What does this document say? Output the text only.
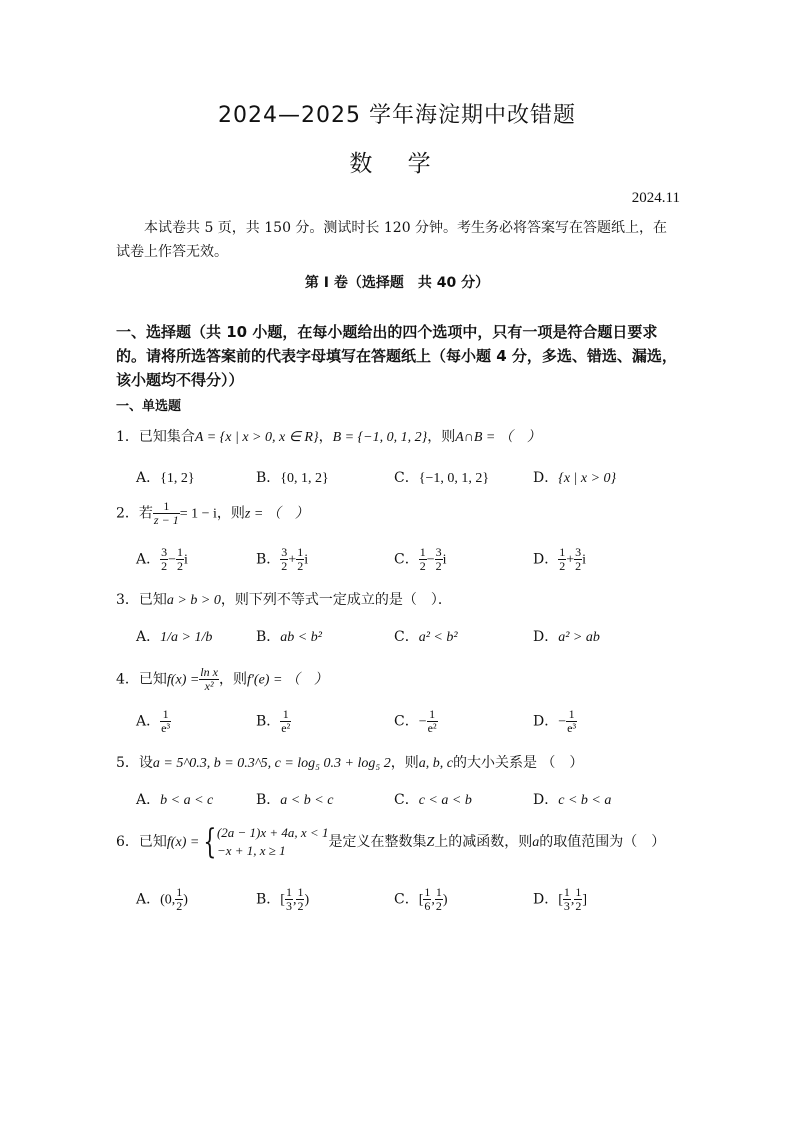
2024—2025 学年海淀期中改错题
数 学
2024.11
本试卷共 5 页，共 150 分。测试时长 120 分钟。考生务必将答案写在答题纸上，在试卷上作答无效。
第 I 卷（选择题　共 40 分）
一、选择题（共 10 小题，在每小题给出的四个选项中，只有一项是符合题日要求的。请将所选答案前的代表字母填写在答题纸上（每小题 4 分，多选、错选、漏选，该小题均不得分））
一、单选题
1．已知集合A = {x | x > 0, x ∈ R}，B = {−1, 0, 1, 2}，则A∩B = （　）
A．{1, 2}	B．{0, 1, 2}	C．{−1, 0, 1, 2}	D．{x | x > 0}
2．若 $\frac{1}{z - 1} = 1 - i$，则z = （　）
A． $\frac{3}{2} - \frac{1}{2}$ i	B． $\frac{3}{2} + \frac{1}{2}$ i	C． $\frac{1}{2} - \frac{3}{2}$ i	D． $\frac{1}{2} + \frac{3}{2}$ i
3．已知a > b > 0，则下列不等式一定成立的是（　）．
A．1/a > 1/b	B．ab < b²	C．a² < b²	D．a² > ab
4．已知$f(x) = \frac{\text{ln x}}{\text{x²}}$ ，则f′(e) = （　）
A． $\frac{1}{\text{e³}}$	B． $\frac{1}{\text{e²}}$	C．− $\frac{1}{\text{e²}}$	D．− $\frac{1}{\text{e³}}$
5．设a = 5^0.3, b = 0.3^5, c = log₅ 0.3 + log₅ 2，则a, b, c的大小关系是 （　）
A．b < a < c	B．a < b < c	C．c < a < b	D．c < b < a
6．已知f(x) = { (2a − 1)x + 4a, x < 1
−x + 1, x ≥ 1
是定义在整数集Z上的减函数，则a的取值范围为（　）
A．(0, $\frac{1}{2}$ )	B．[ $\frac{1}{3}$ , $\frac{1}{2}$ )	C．[ $\frac{1}{6}$ , $\frac{1}{2}$ )	D．[ $\frac{1}{3}$ , $\frac{1}{2}$ ]
